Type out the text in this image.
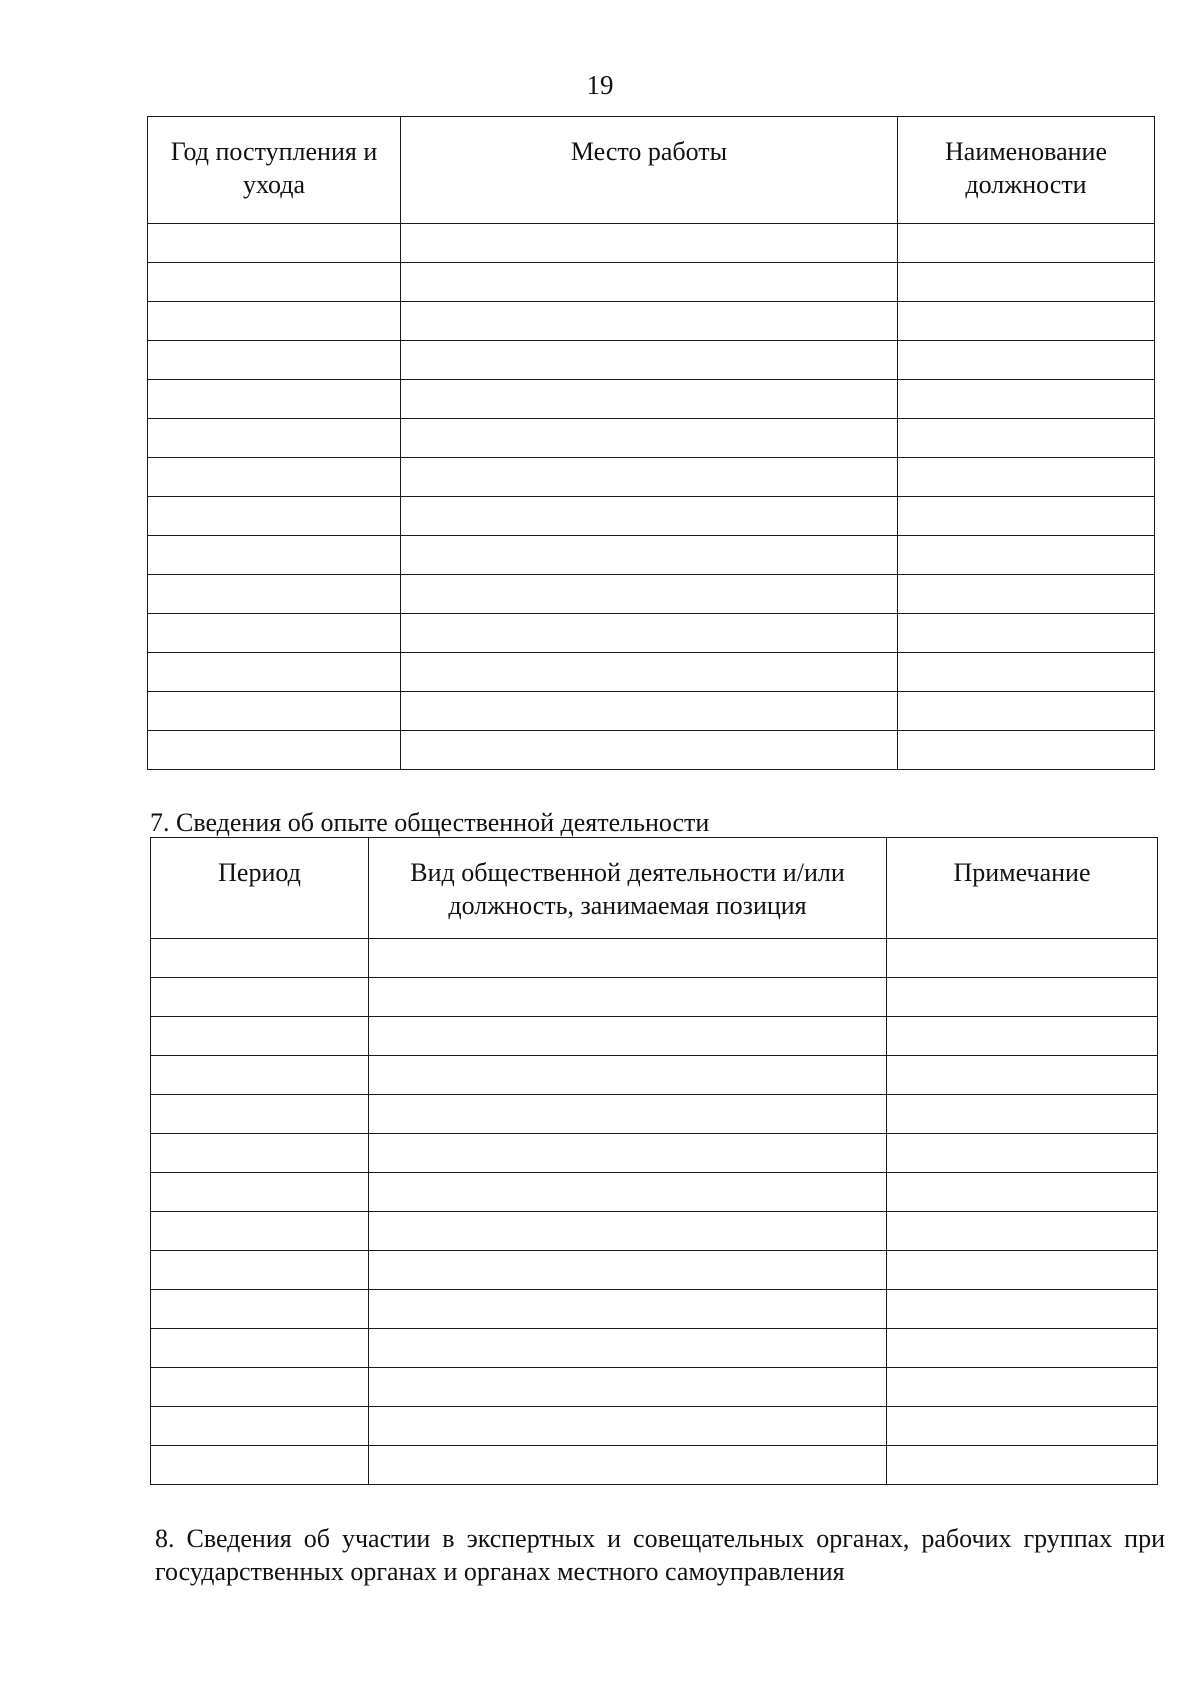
19
Год поступления и ухода	Место работы	Наименование должности

7. Сведения об опыте общественной деятельности

Период	Вид общественной деятельности и/или должность, занимаемая позиция	Примечание

8. Сведения об участии в экспертных и совещательных органах, рабочих группах при государственных органах и органах местного самоуправления
